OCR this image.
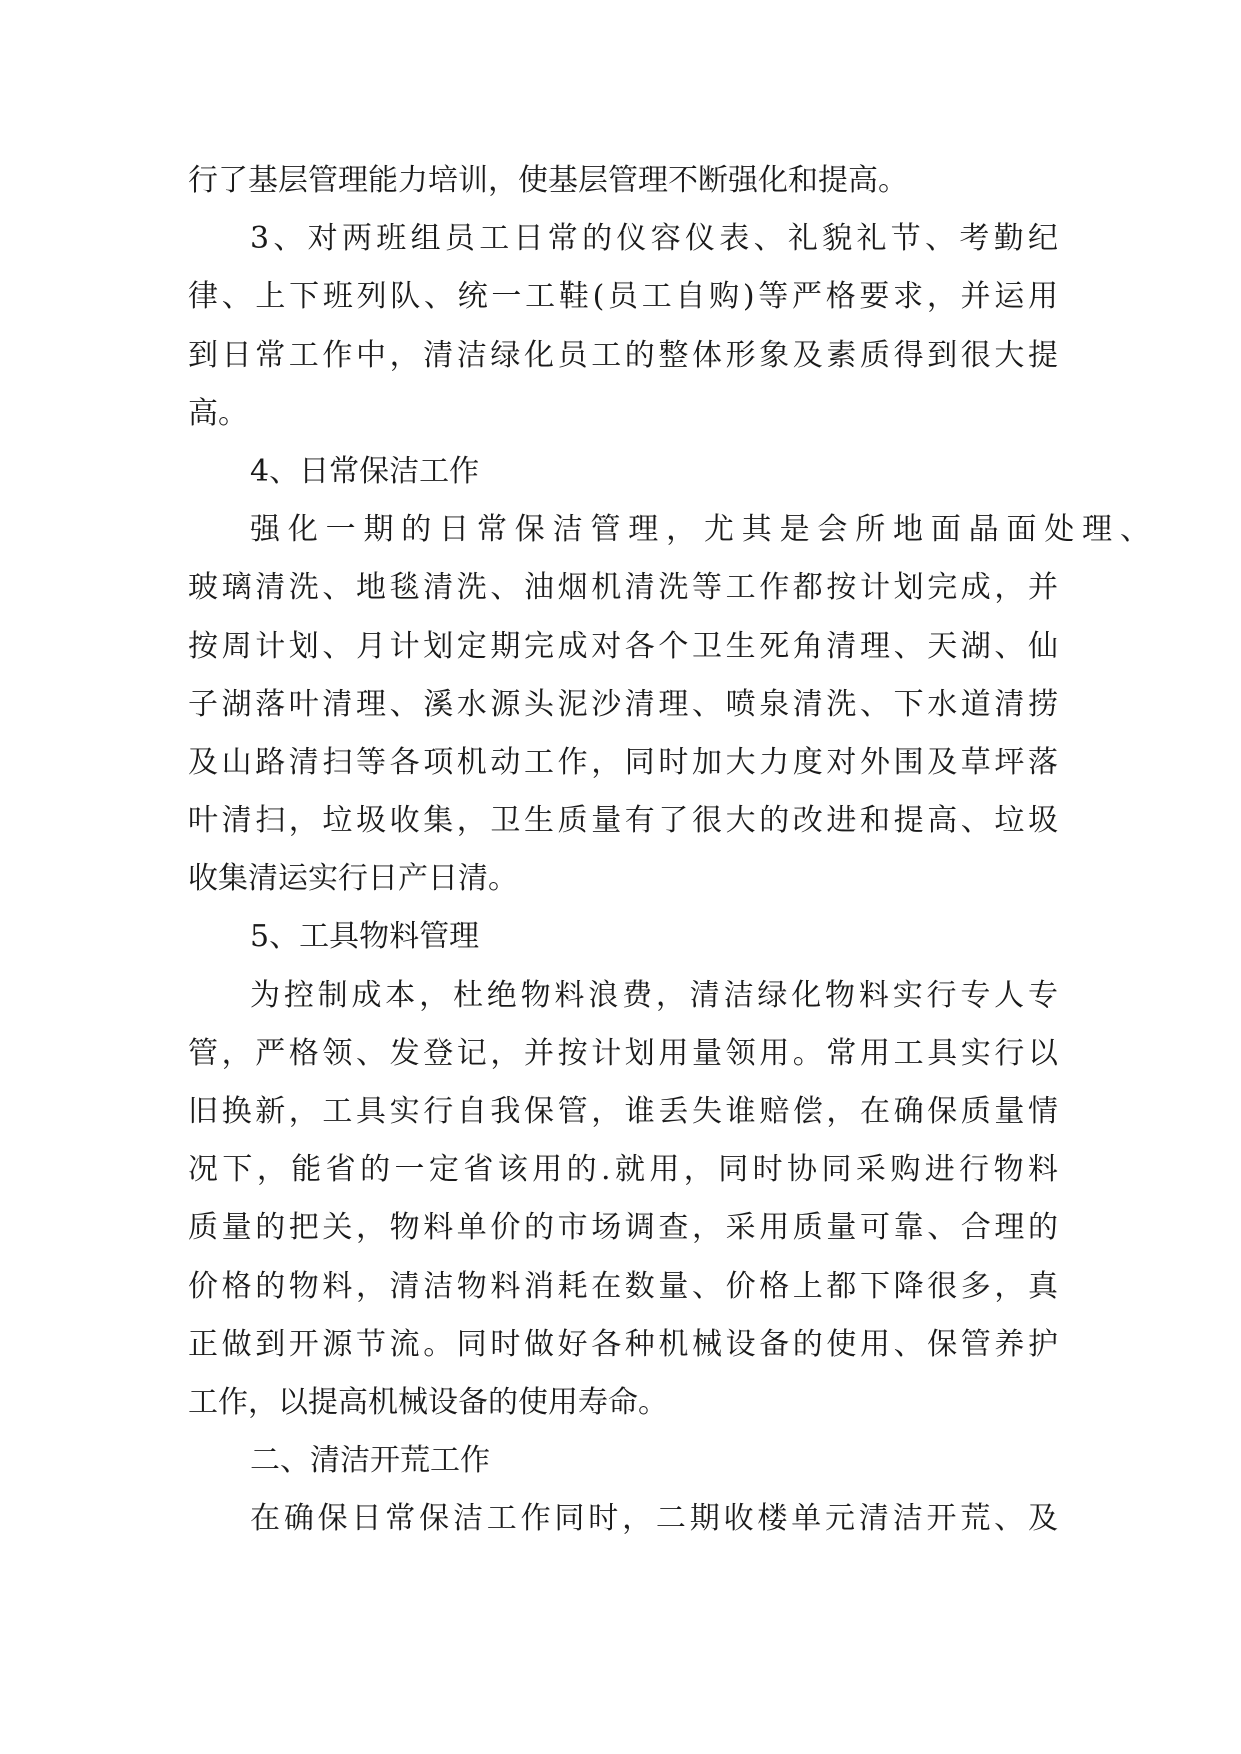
行了基层管理能力培训，使基层管理不断强化和提高。
3、对两班组员工日常的仪容仪表、礼貌礼节、考勤纪
律、上下班列队、统一工鞋(员工自购)等严格要求，并运用
到日常工作中，清洁绿化员工的整体形象及素质得到很大提
高。
4、日常保洁工作
强化一期的日常保洁管理，尤其是会所地面晶面处理、
玻璃清洗、地毯清洗、油烟机清洗等工作都按计划完成，并
按周计划、月计划定期完成对各个卫生死角清理、天湖、仙
子湖落叶清理、溪水源头泥沙清理、喷泉清洗、下水道清捞
及山路清扫等各项机动工作，同时加大力度对外围及草坪落
叶清扫，垃圾收集，卫生质量有了很大的改进和提高、垃圾
收集清运实行日产日清。
5、工具物料管理
为控制成本，杜绝物料浪费，清洁绿化物料实行专人专
管，严格领、发登记，并按计划用量领用。常用工具实行以
旧换新，工具实行自我保管，谁丢失谁赔偿，在确保质量情
况下，能省的一定省该用的.就用，同时协同采购进行物料
质量的把关，物料单价的市场调查，采用质量可靠、合理的
价格的物料，清洁物料消耗在数量、价格上都下降很多，真
正做到开源节流。同时做好各种机械设备的使用、保管养护
工作，以提高机械设备的使用寿命。
二、清洁开荒工作
在确保日常保洁工作同时，二期收楼单元清洁开荒、及
